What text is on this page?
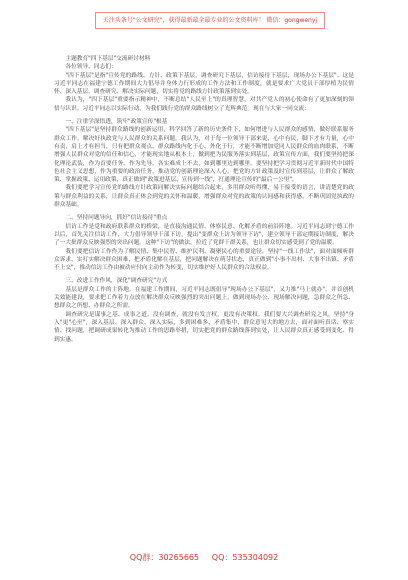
关注头条号"公文研究"，获得最新最全最专业的公文资料库！ 微信：gongwenyj

主题教育"四下基层"交流研讨材料

各位领导、同志们：

"四下基层"是指"宣传党的路线、方针、政策下基层，调查研究下基层，信访接待下基层，现场办公下基层"。这是习近平同志在福建宁德工作期间大力倡导并身体力行形成的工作方法和工作制度，就是要求广大党员干部厚植为民情怀、深入基层，调查研究、解决实际问题，切实将党的路线方针政策落到实处。

我认为，"四下基层"重要指示精神中，不断总结"人民至上"的真理智慧，对共产党人的初心使命有了更加深刻的领悟与认识。习近平同志以实际行动，为我们践行党的群众路线树立了光辉典范。现在与大家一同交流：

一、注重学深悟透，筑牢"政策宣传"根基

"四下基层"是坚持群众路线的创新运用，科学回答了新的历史条件下，如何增进与人民群众的感情，做好联系服务群众工作，解决好执政党与人民群众的关系问题。我认为，对于每一位领导干部来说，心中有民，脚下才有力量，心中有责，肩上才有担当，只有把群众观点、群众路线内化于心、外化于行，才能不断增加党同人民群众的血肉联系，不断增强人民群众对党的信任和信心，才能现实地从根本上，做到把为民服务落实到基层，政策宣传方面，我们要坚持把深化理论武装，作为首要任务，作为先导，各实难成上不去，如到哪里边到哪里。要坚持把学习贯彻习近平新时代中国特色社会主义思想，作为重要的政治任务，推动党的创新理论深入人心，把党的方针政策及时宣传到基层，让群众了解政策、掌握政策、运用政策，真正做到"政策进基层、宣传到一线"，打通理论宣传的"最后一公里"。

我们要把学习宣传党的路线方针政策同解决实际问题结合起来，多用群众听得懂、易于接受的语言，讲清楚党的政策与群众利益的关系，让群众真正体会到党的关怀和温暖，增强群众对党的政策的认同感和获得感，不断巩固党执政的群众基础。

二、坚持问题导向，抓好"信访接待"重点

信访工作是党和政府联系群众的桥梁，是直接沟通民情、体察民意、化解矛盾的前沿阵地。习近平同志到宁德工作以后，首先关注信访工作，大力倡导领导干部下访，提出"变群众上访为领导下访"，建立领导干部定期接访制度，解决了一大批群众反映强烈的突出问题。这种"下访"的做法，拉近了党群干群关系，也让群众切实感受到了党的温暖。

我们要把信访工作作为了解民情、集中民智、维护民利、凝聚民心的重要途径，坚持"一线工作法"，面对面倾听群众诉求，实打实解决群众困难，把矛盾化解在基层，把问题解决在萌芽状态，真正做到"小事不出村、大事不出镇、矛盾不上交"，推动信访工作由被动应付向主动作为转变，切实维护好人民群众的合法权益。

三、改进工作作风，深化"调查研究"方式

基层是群众工作的主阵地。在福建工作期间，习近平同志既倡导"现场办公下基层"，又力推"马上就办"，并首创机关效能建设，要求把工作着力点放在解决群众反映强烈的突出问题上，做到现场办公、现场解决问题，急群众之所急、想群众之所想、办群众之所需。

调查研究是谋事之基、成事之道。没有调查，就没有发言权，更没有决策权。我们要大兴调查研究之风，坚持"身入"更"心至"，深入基层、深入群众、深入实际，多到困难多、矛盾集中、群众意见大的地方去，面对面听真话、察实情、找问题，把调研成果转化为推动工作的思路举措，切实把党的群众路线落到实处，让人民群众真正感受到变化、得到实惠。

QQ群：30265665     QQ：535304092
